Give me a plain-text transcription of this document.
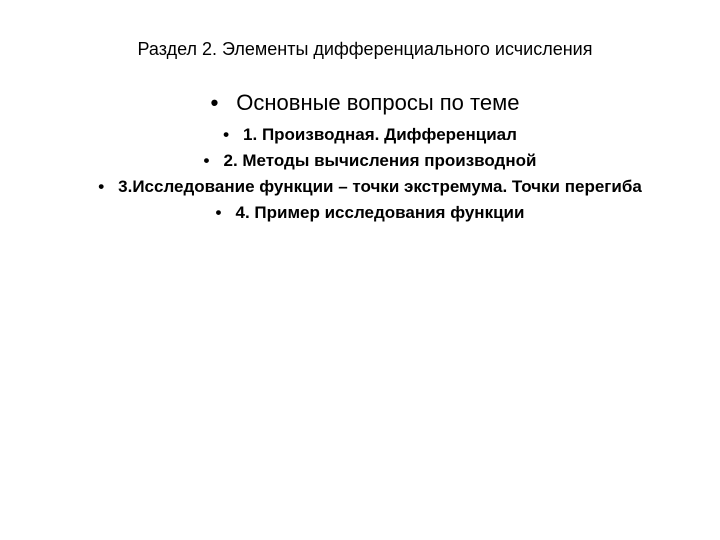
Раздел 2. Элементы дифференциального исчисления
• Основные вопросы по теме
• 1. Производная. Дифференциал
• 2. Методы вычисления производной
• 3.Исследование функции – точки экстремума. Точки перегиба
• 4. Пример исследования функции
